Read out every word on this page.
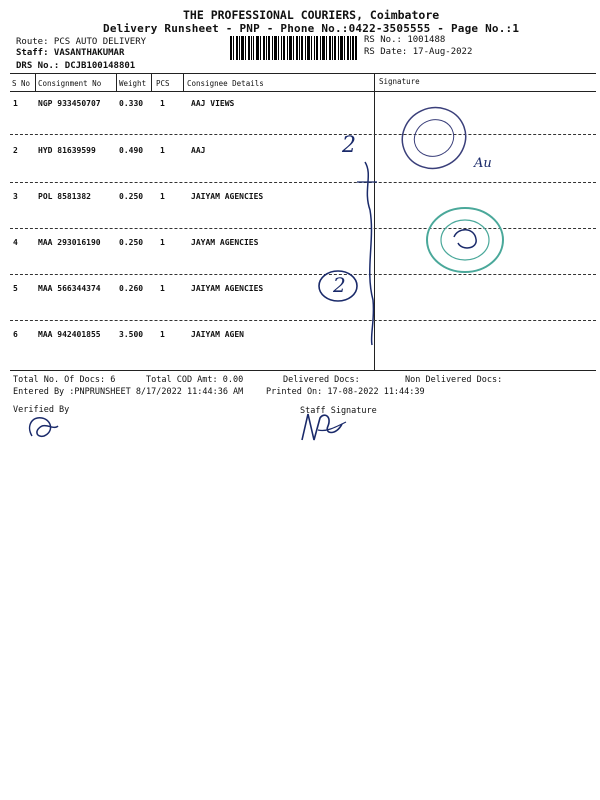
THE PROFESSIONAL COURIERS, Coimbatore
Delivery Runsheet - PNP - Phone No.:0422-3505555 - Page No.:1
Route: PCS AUTO DELIVERY
Staff: VASANTHAKUMAR
DRS No.: DCJB100148801
RS No.: 1001488
RS Date: 17-Aug-2022
S No Consignment No Weight PCS Consignee Details	Signature
1	NGP 933450707 0.330 1	AAJ VIEWS
2	HYD 81639599	0.490 1	AAJ
3	POL 8581382	0.250 1	JAIYAM AGENCIES
4	MAA 293016190 0.250 1	JAYAM AGENCIES
5	MAA 566344374 0.260 1	JAIYAM AGENCIES
6	MAA 942401855 3.500 1	JAIYAM AGEN
2
Au
2
Total No. Of Docs: 6	Total COD Amt: 0.00	Delivered Docs:	Non Delivered Docs:
Entered By :PNPRUNSHEET 8/17/2022 11:44:36 AM	Printed On: 17-08-2022 11:44:39
Verified By	Staff Signature
